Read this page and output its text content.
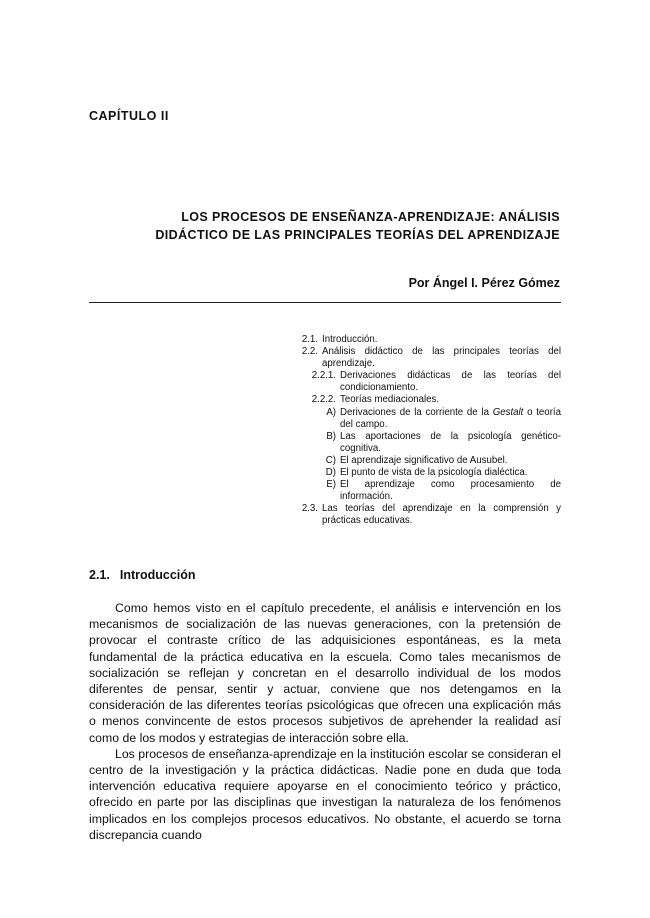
CAPÍTULO II
LOS PROCESOS DE ENSEÑANZA-APRENDIZAJE: ANÁLISIS
DIDÁCTICO DE LAS PRINCIPALES TEORÍAS DEL APRENDIZAJE

Por Ángel I. Pérez Gómez

2.1. Introducción.
2.2. Análisis didáctico de las principales teorías del aprendizaje.
2.2.1. Derivaciones didácticas de las teorías del condicionamiento.
2.2.2. Teorías mediacionales.
A) Derivaciones de la corriente de la Gestalt o teoría del campo.
B) Las aportaciones de la psicología genético-cognitiva.
C) El aprendizaje significativo de Ausubel.
D) El punto de vista de la psicología dialéctica.
E) El aprendizaje como procesamiento de información.
2.3. Las teorías del aprendizaje en la comprensión y prácticas educativas.
2.1. Introducción

Como hemos visto en el capítulo precedente, el análisis e intervención en los mecanismos de socialización de las nuevas generaciones, con la pretensión de provocar el contraste crítico de las adquisiciones espontáneas, es la meta fundamental de la práctica educativa en la escuela. Como tales mecanismos de socialización se reflejan y concretan en el desarrollo individual de los modos diferentes de pensar, sentir y actuar, conviene que nos detengamos en la consideración de las diferentes teorías psicológicas que ofrecen una explicación más o menos convincente de estos procesos subjetivos de aprehender la realidad así como de los modos y estrategias de interacción sobre ella.

Los procesos de enseñanza-aprendizaje en la institución escolar se consideran el centro de la investigación y la práctica didácticas. Nadie pone en duda que toda intervención educativa requiere apoyarse en el conocimiento teórico y práctico, ofrecido en parte por las disciplinas que investigan la naturaleza de los fenómenos implicados en los complejos procesos educativos. No obstante, el acuerdo se torna discrepancia cuando
